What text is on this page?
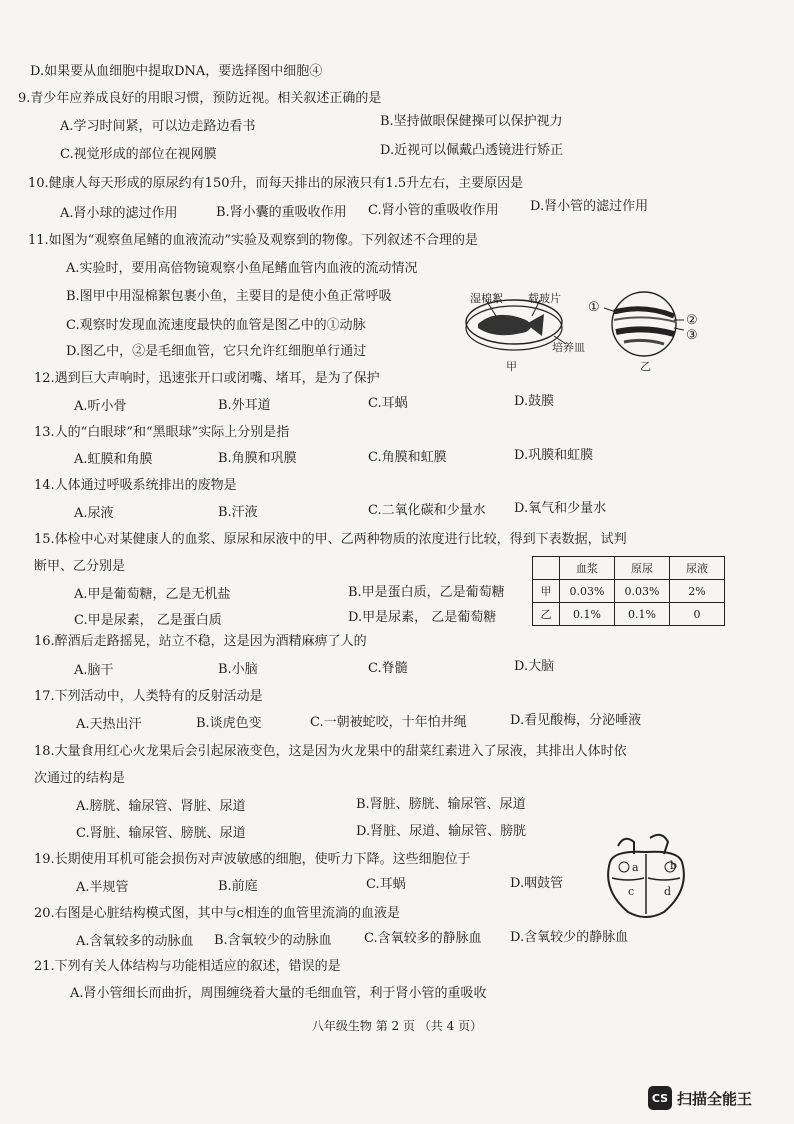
D.如果要从血细胞中提取DNA，要选择图中细胞④
9.青少年应养成良好的用眼习惯，预防近视。相关叙述正确的是
A.学习时间紧，可以边走路边看书	B.坚持做眼保健操可以保护视力
C.视觉形成的部位在视网膜	D.近视可以佩戴凸透镜进行矫正
10.健康人每天形成的原尿约有150升，而每天排出的尿液只有1.5升左右，主要原因是
A.肾小球的滤过作用	B.肾小囊的重吸收作用 C.肾小管的重吸收作用 D.肾小管的滤过作用
11.如图为“观察鱼尾鳍的血液流动”实验及观察到的物像。下列叙述不合理的是
A.实验时，要用高倍物镜观察小鱼尾鳍血管内血液的流动情况
B.图甲中用湿棉絮包裹小鱼，主要目的是使小鱼正常呼吸
C.观察时发现血流速度最快的血管是图乙中的①动脉
D.图乙中，②是毛细血管，它只允许红细胞单行通过
湿棉絮 载玻片
培养皿
甲
①
②
③
乙
12.遇到巨大声响时，迅速张开口或闭嘴、堵耳，是为了保护
A.听小骨	B.外耳道	C.耳蜗	D.鼓膜
13.人的“白眼球”和“黑眼球”实际上分别是指
A.虹膜和角膜	B.角膜和巩膜	C.角膜和虹膜	D.巩膜和虹膜
14.人体通过呼吸系统排出的废物是
A.尿液	B.汗液	C.二氧化碳和少量水 D.氧气和少量水
15.体检中心对某健康人的血浆、原尿和尿液中的甲、乙两种物质的浓度进行比较，得到下表数据，试判
断甲、乙分别是
A.甲是葡萄糖，乙是无机盐	B.甲是蛋白质，乙是葡萄糖
C.甲是尿素， 乙是蛋白质	D.甲是尿素， 乙是葡萄糖
	血浆	原尿	尿液
甲	0.03%	0.03%	2%
乙	0.1%	0.1%	0
16.醉酒后走路摇晃，站立不稳，这是因为酒精麻痹了人的
A.脑干	B.小脑	C.脊髓	D.大脑
17.下列活动中，人类特有的反射活动是
A.天热出汗	B.谈虎色变	C.一朝被蛇咬，十年怕井绳	D.看见酸梅，分泌唾液
18.大量食用红心火龙果后会引起尿液变色，这是因为火龙果中的甜菜红素进入了尿液，其排出人体时依
次通过的结构是
A.膀胱、输尿管、肾脏、尿道	B.肾脏、膀胱、输尿管、尿道
C.肾脏、输尿管、膀胱、尿道	D.肾脏、尿道、输尿管、膀胱
a	b
c	d
19.长期使用耳机可能会损伤对声波敏感的细胞，使听力下降。这些细胞位于
A.半规管	B.前庭	C.耳蜗	D.咽鼓管
20.右图是心脏结构模式图，其中与c相连的血管里流淌的血液是
A.含氧较多的动脉血 B.含氧较少的动脉血 C.含氧较多的静脉血 D.含氧较少的静脉血
21.下列有关人体结构与功能相适应的叙述，错误的是
A.肾小管细长而曲折，周围缠绕着大量的毛细血管，利于肾小管的重吸收
八年级生物 第 2 页 （共 4 页）
CS 扫描全能王
